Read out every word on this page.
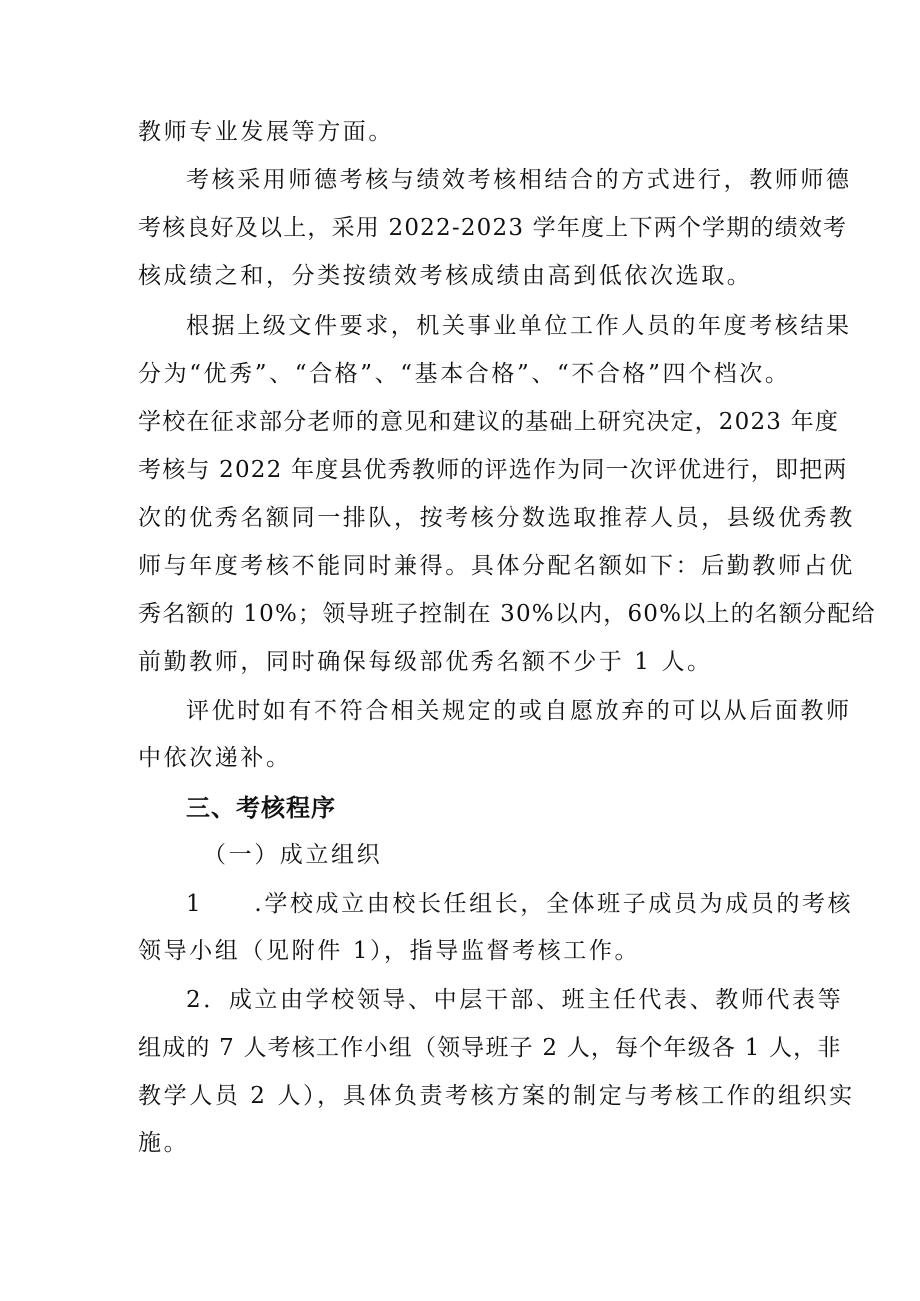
教师专业发展等方面。

考核采用师德考核与绩效考核相结合的方式进行，教师师德

考核良好及以上，采用 2022-2023 学年度上下两个学期的绩效考

核成绩之和，分类按绩效考核成绩由高到低依次选取。

根据上级文件要求，机关事业单位工作人员的年度考核结果

分为“优秀”、“合格”、“基本合格”、“不合格”四个档次。

学校在征求部分老师的意见和建议的基础上研究决定，2023 年度

考核与 2022 年度县优秀教师的评选作为同一次评优进行，即把两

次的优秀名额同一排队，按考核分数选取推荐人员，县级优秀教

师与年度考核不能同时兼得。具体分配名额如下：后勤教师占优

秀名额的 10%；领导班子控制在 30%以内，60%以上的名额分配给

前勤教师，同时确保每级部优秀名额不少于 1 人。

评优时如有不符合相关规定的或自愿放弃的可以从后面教师

中依次递补。

三、考核程序

（一）成立组织

1　　.学校成立由校长任组长，全体班子成员为成员的考核

领导小组（见附件 1），指导监督考核工作。

2．成立由学校领导、中层干部、班主任代表、教师代表等

组成的 7 人考核工作小组（领导班子 2 人，每个年级各 1 人，非

教学人员 2 人），具体负责考核方案的制定与考核工作的组织实

施。
